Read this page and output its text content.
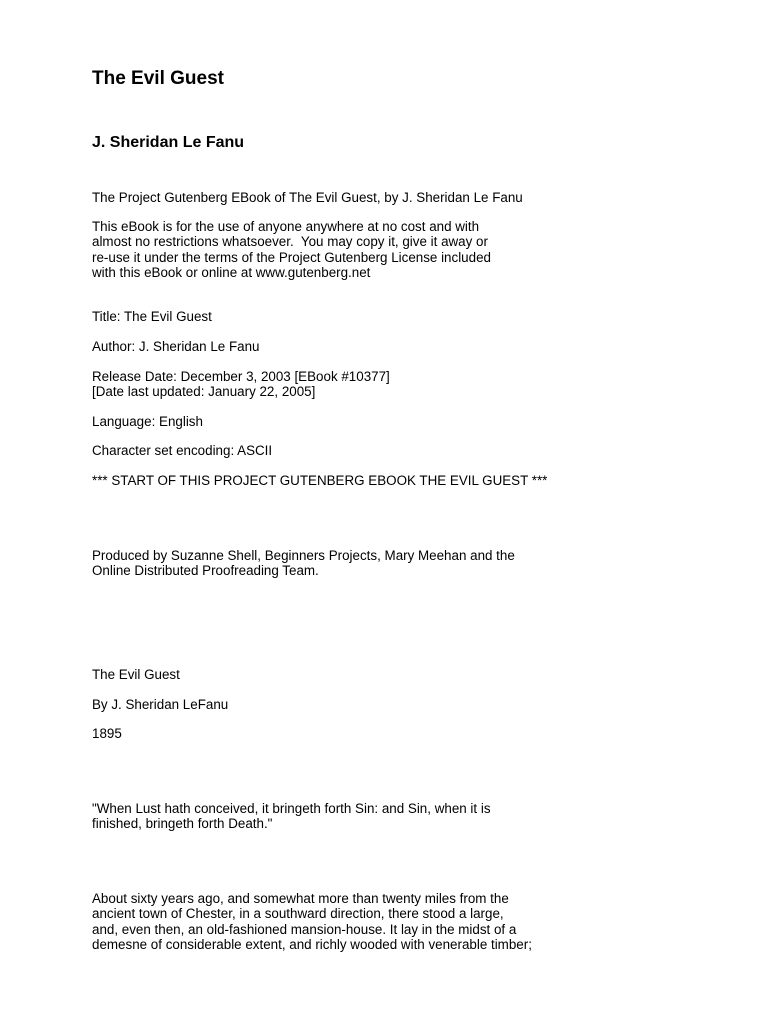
The Evil Guest
J. Sheridan Le Fanu
The Project Gutenberg EBook of The Evil Guest, by J. Sheridan Le Fanu
This eBook is for the use of anyone anywhere at no cost and with
almost no restrictions whatsoever.  You may copy it, give it away or
re-use it under the terms of the Project Gutenberg License included
with this eBook or online at www.gutenberg.net
Title: The Evil Guest
Author: J. Sheridan Le Fanu
Release Date: December 3, 2003 [EBook #10377]
[Date last updated: January 22, 2005]
Language: English
Character set encoding: ASCII
*** START OF THIS PROJECT GUTENBERG EBOOK THE EVIL GUEST ***
Produced by Suzanne Shell, Beginners Projects, Mary Meehan and the
Online Distributed Proofreading Team.
The Evil Guest
By J. Sheridan LeFanu
1895
"When Lust hath conceived, it bringeth forth Sin: and Sin, when it is
finished, bringeth forth Death."
About sixty years ago, and somewhat more than twenty miles from the
ancient town of Chester, in a southward direction, there stood a large,
and, even then, an old-fashioned mansion-house. It lay in the midst of a
demesne of considerable extent, and richly wooded with venerable timber;
